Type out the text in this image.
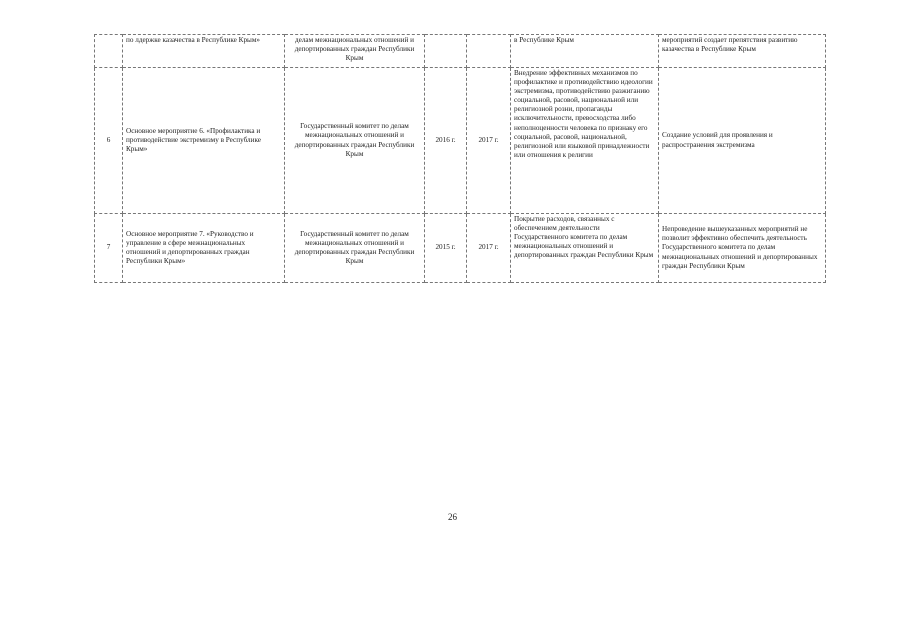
	по лдержке казачества в Республике Крым»	делам межнациональных отношений и депортированных граждан Республики Крым			в Республике Крым	мероприятий создает препятствия развитию казачества в Республике Крым
6	Основное мероприятие 6. «Профилактика и противодействие экстремизму в Республике Крым»	Государственный комитет по делам межнациональных отношений и депортированных граждан Республики Крым	2016 г.	2017 г.	Внедрение эффективных механизмов по профилактике и противодействию идеологии экстремизма, противодействию разжиганию социальной, расовой, национальной или религиозной розни, пропаганды исключительности, превосходства либо неполноценности человека по признаку его социальной, расовой, национальной, религиозной или языковой принадлежности или отношения к религии	Создание условий для проявления и распространения экстремизма
7	Основное мероприятие 7. «Руководство и управление в сфере межнациональных отношений и депортированных граждан Республики Крым»	Государственный комитет по делам межнациональных отношений и депортированных граждан Республики Крым	2015 г.	2017 г.	Покрытие расходов, связанных с обеспечением деятельности Государственного комитета по делам межнациональных отношений и депортированных граждан Республики Крым	Непроведение вышеуказанных мероприятий не позволит эффективно обеспечить деятельность Государственного комитета по делам межнациональных отношений и депортированных граждан Республики Крым
26
